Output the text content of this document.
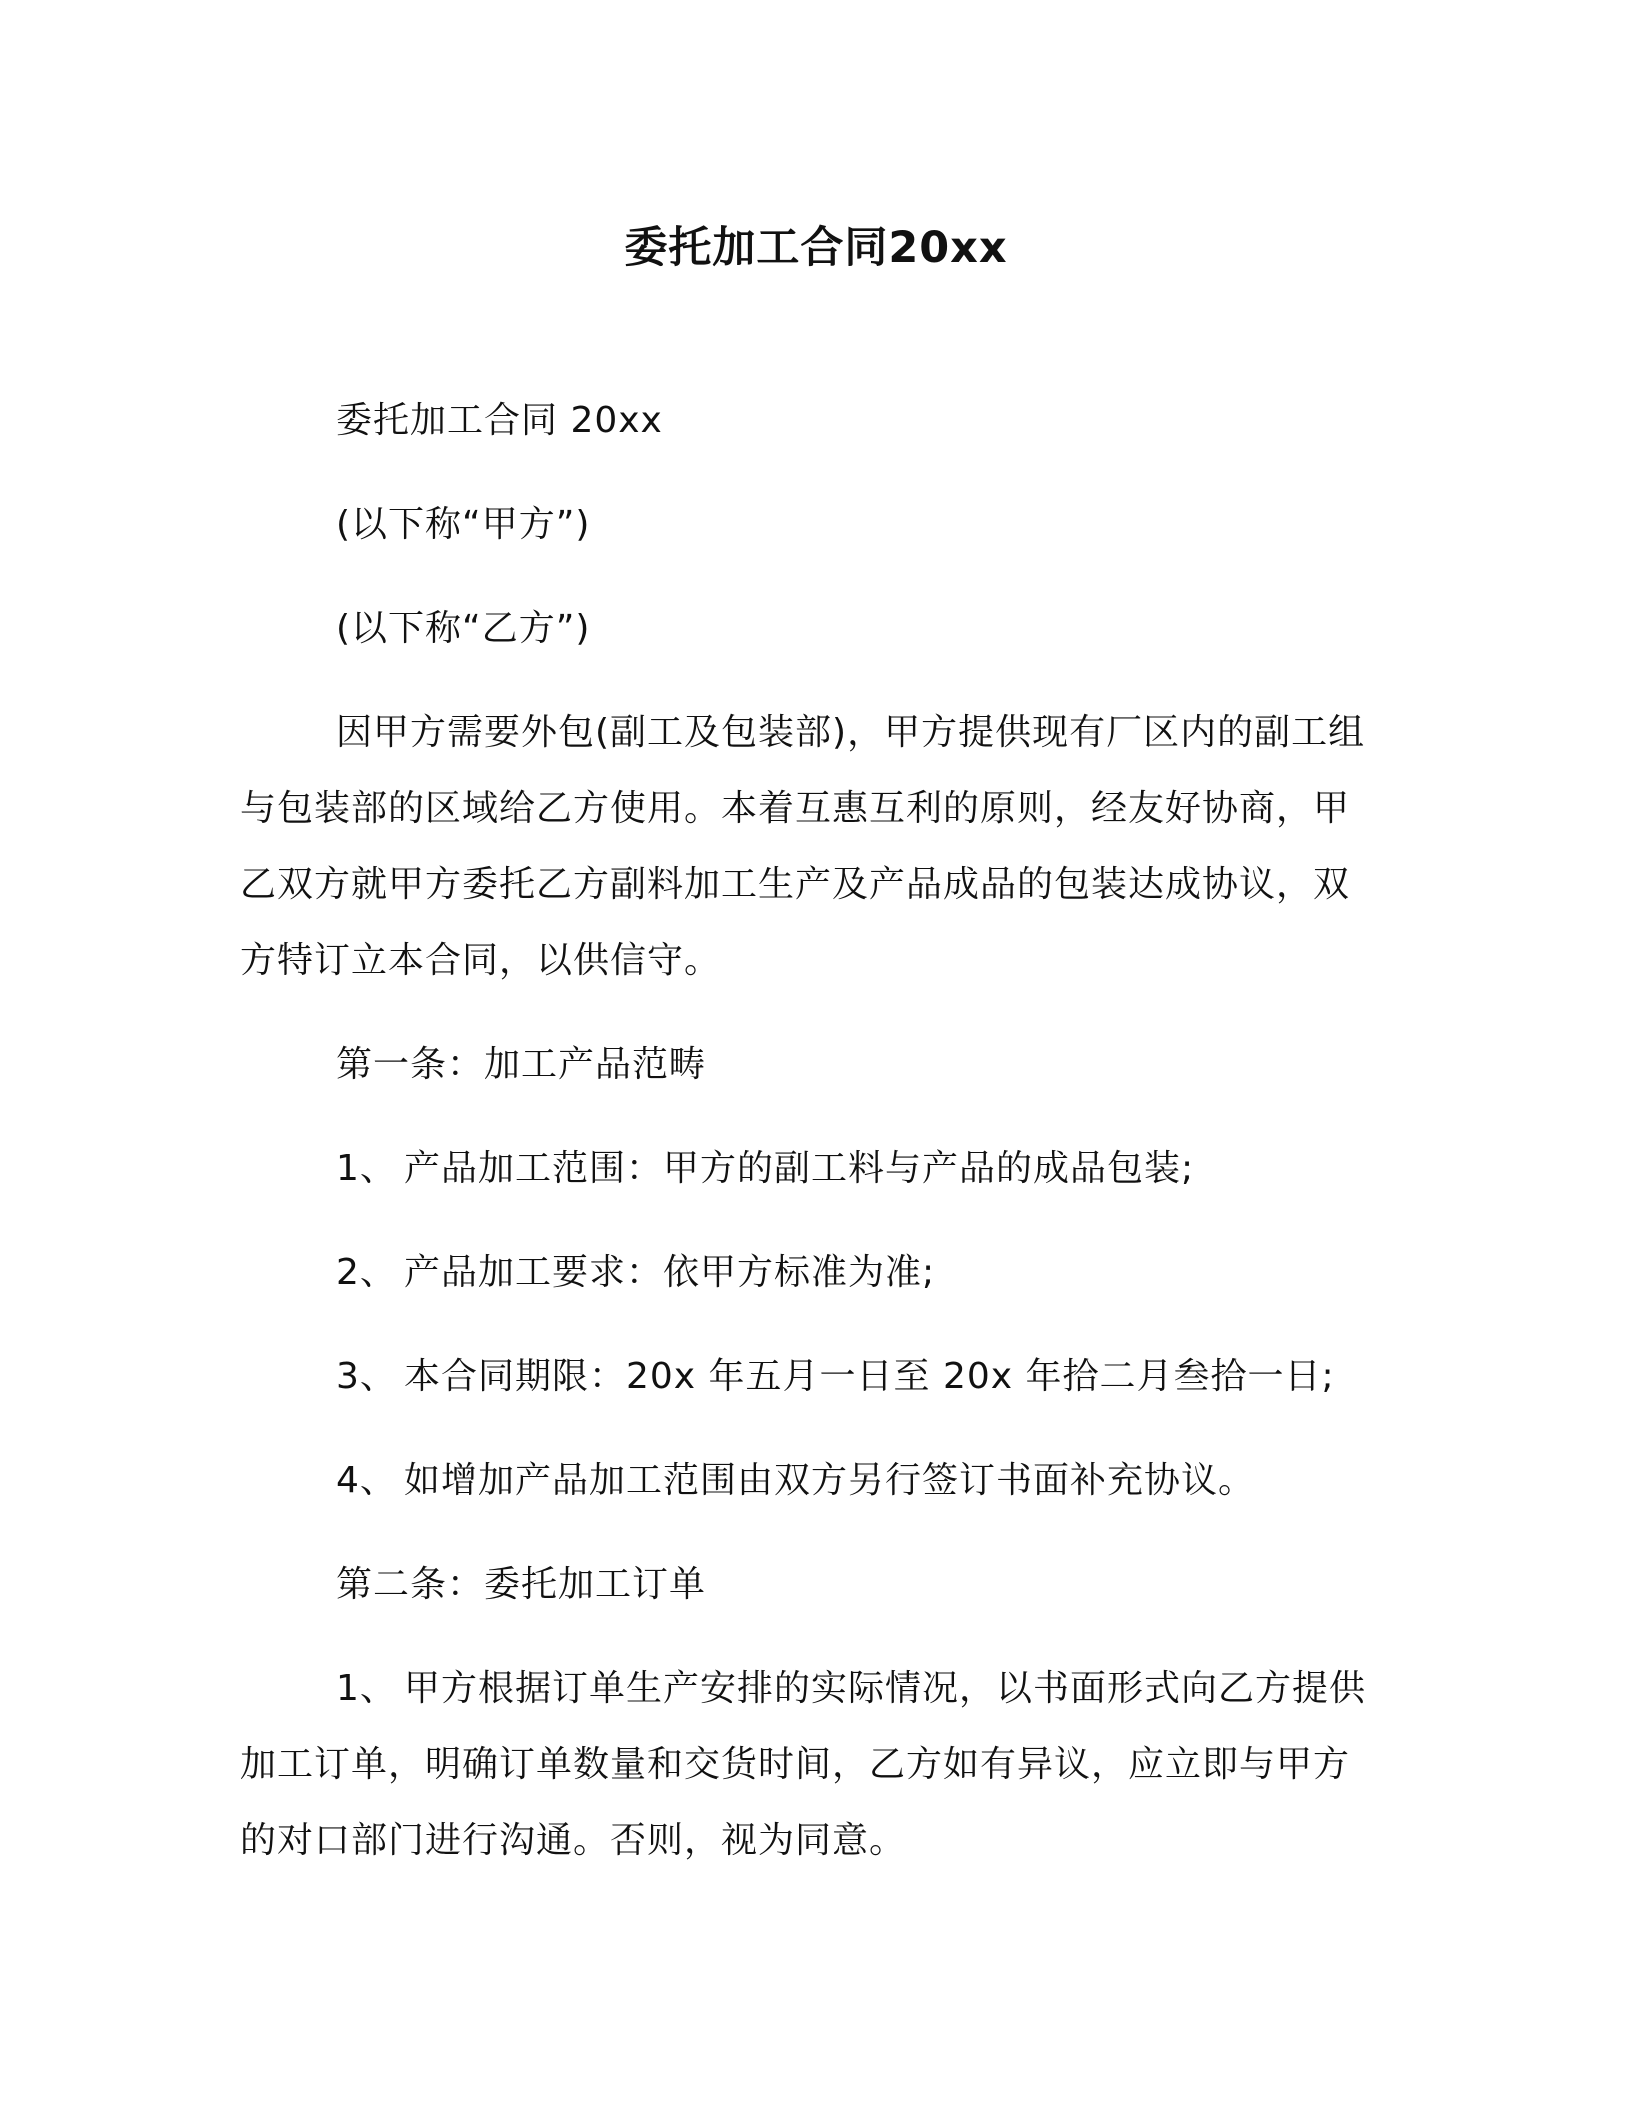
委托加工合同20xx
委托加工合同 20xx
(以下称“甲方”)
(以下称“乙方”)
因甲方需要外包(副工及包装部)，甲方提供现有厂区内的副工组
与包装部的区域给乙方使用。本着互惠互利的原则，经友好协商，甲
乙双方就甲方委托乙方副料加工生产及产品成品的包装达成协议，双
方特订立本合同，以供信守。
第一条：加工产品范畴
1、 产品加工范围：甲方的副工料与产品的成品包装;
2、 产品加工要求：依甲方标准为准;
3、 本合同期限：20x 年五月一日至 20x 年拾二月叁拾一日;
4、 如增加产品加工范围由双方另行签订书面补充协议。
第二条：委托加工订单
1、 甲方根据订单生产安排的实际情况，以书面形式向乙方提供
加工订单，明确订单数量和交货时间，乙方如有异议，应立即与甲方
的对口部门进行沟通。否则，视为同意。
